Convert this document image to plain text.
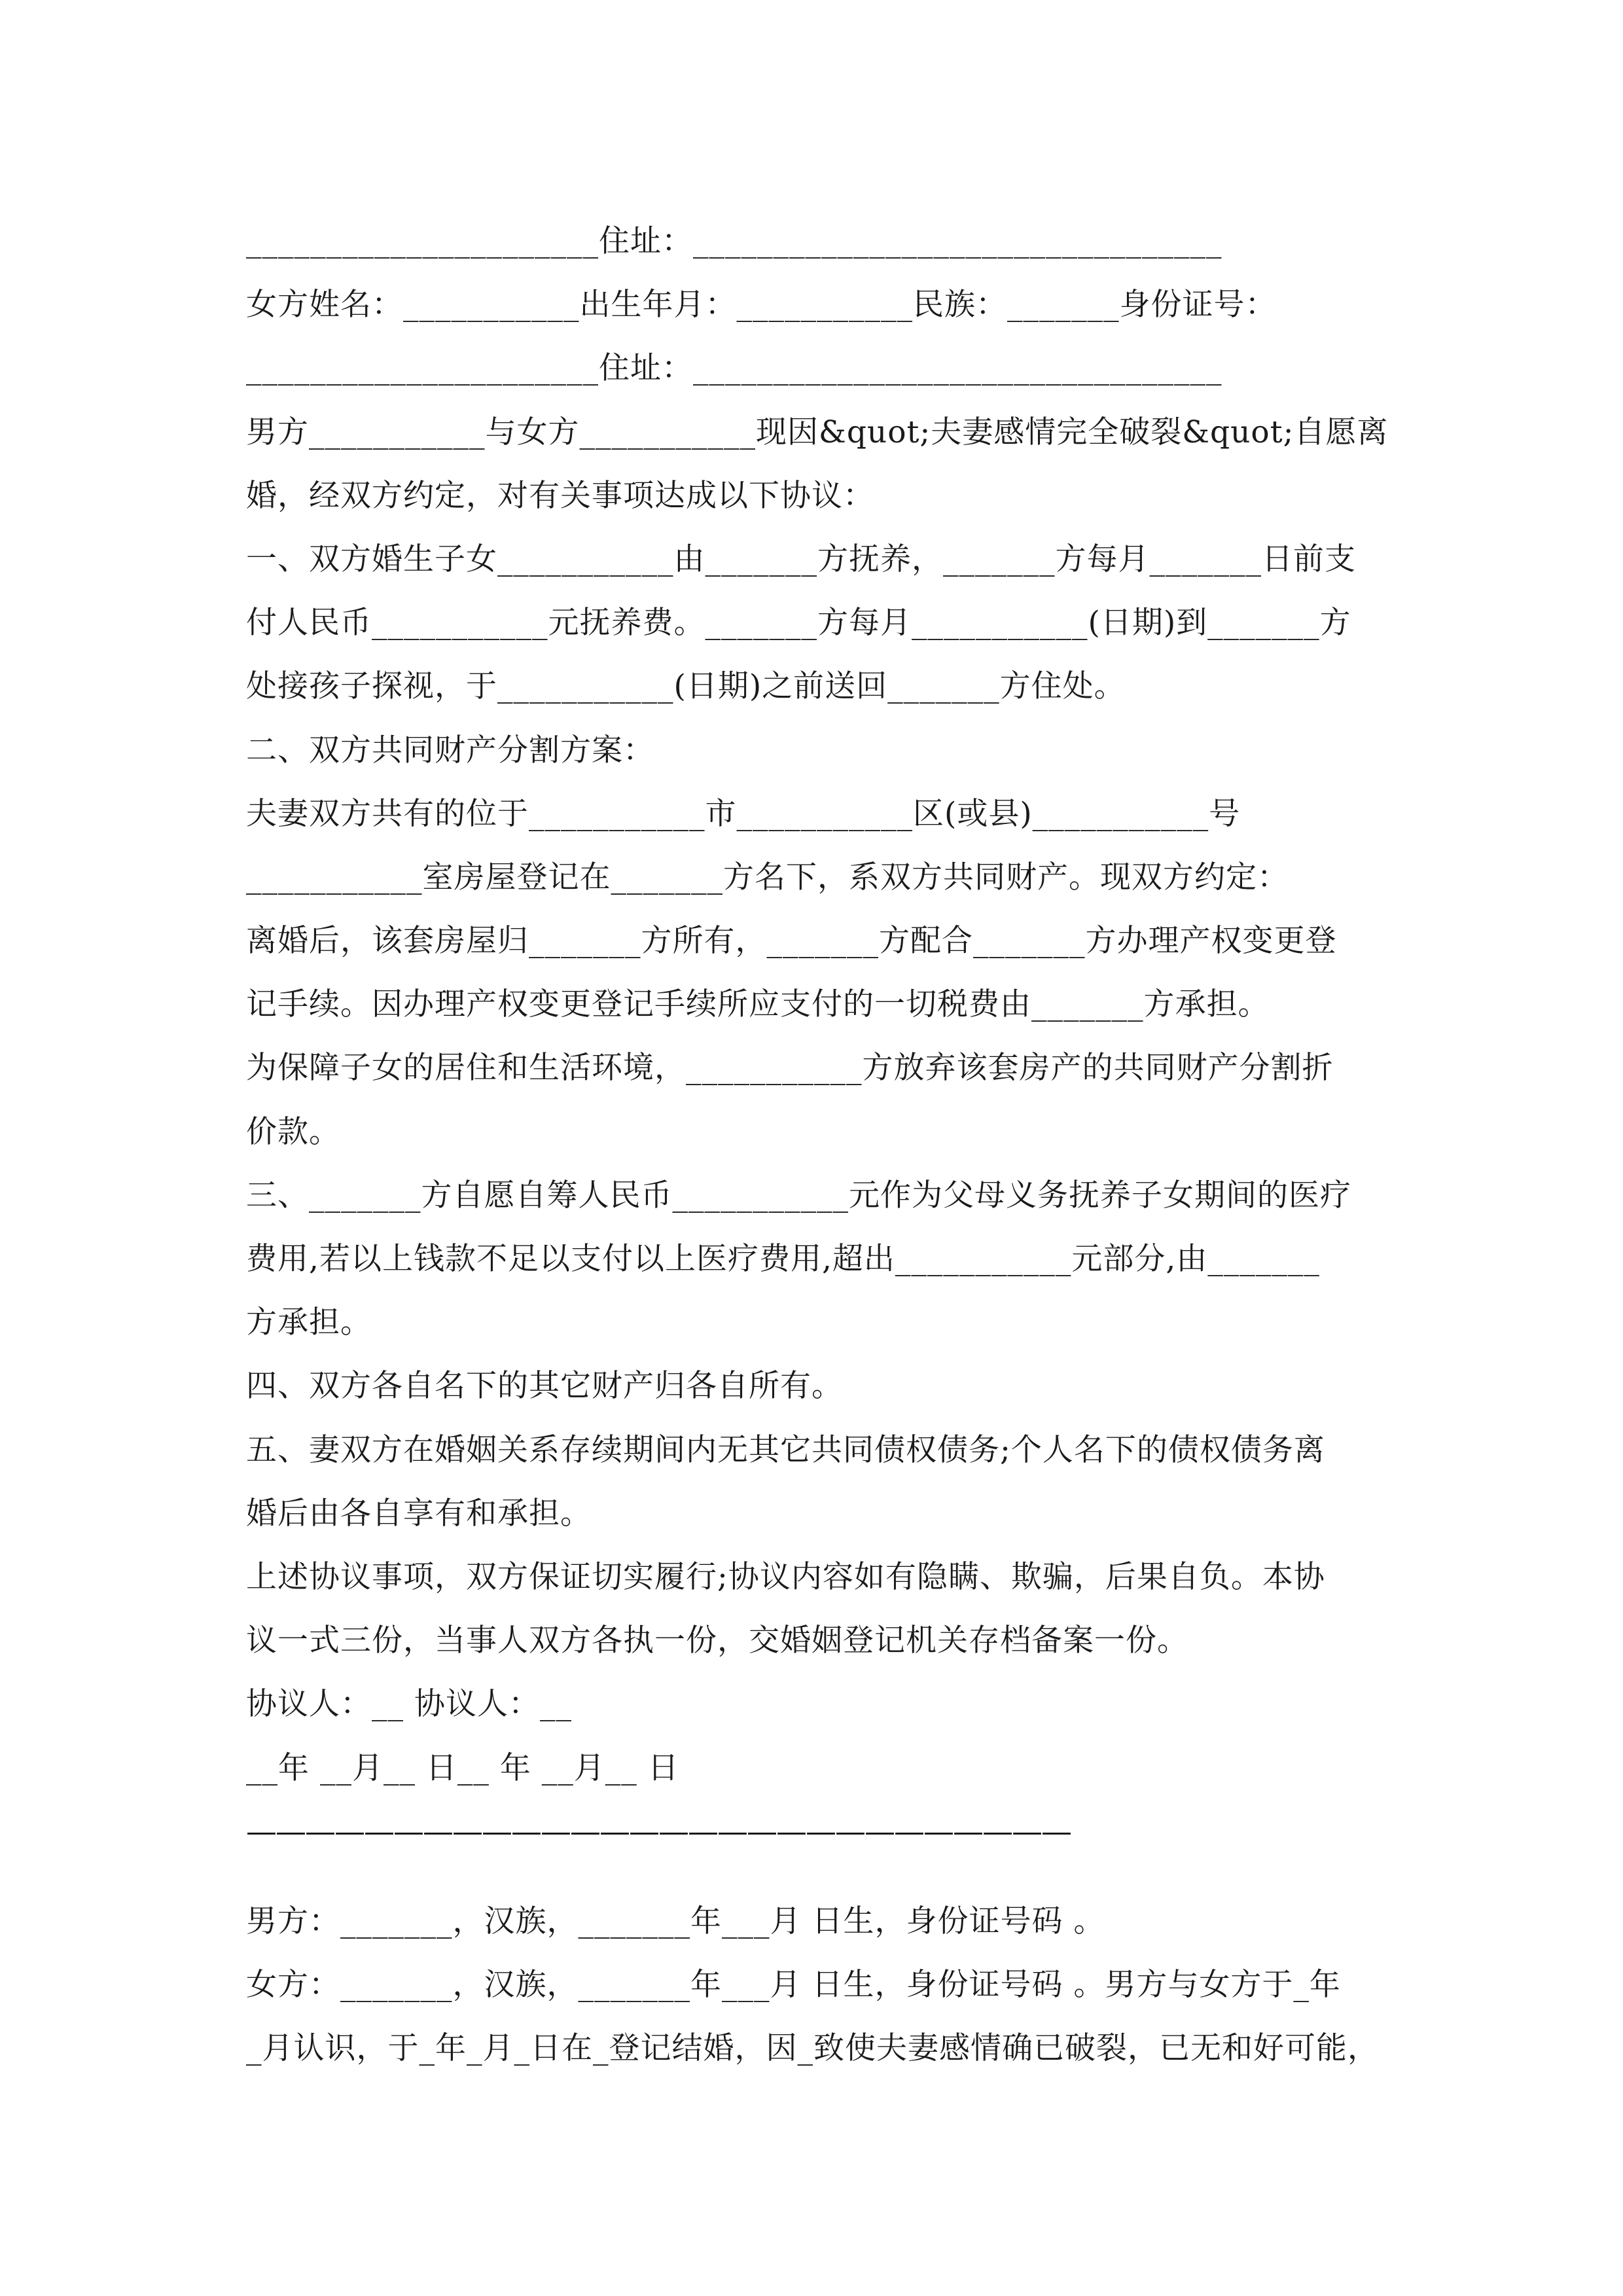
______________________住址：_________________________________
女方姓名：___________出生年月：___________民族：_______身份证号：
______________________住址：_________________________________
男方___________与女方___________现因&quot;夫妻感情完全破裂&quot;自愿离
婚，经双方约定，对有关事项达成以下协议：
一、双方婚生子女___________由_______方抚养，_______方每月_______日前支
付人民币___________元抚养费。_______方每月___________(日期)到_______方
处接孩子探视，于___________(日期)之前送回_______方住处。
二、双方共同财产分割方案：
夫妻双方共有的位于___________市___________区(或县)___________号
___________室房屋登记在_______方名下，系双方共同财产。现双方约定：
离婚后，该套房屋归_______方所有，_______方配合_______方办理产权变更登
记手续。因办理产权变更登记手续所应支付的一切税费由_______方承担。
为保障子女的居住和生活环境，___________方放弃该套房产的共同财产分割折
价款。
三、_______方自愿自筹人民币___________元作为父母义务抚养子女期间的医疗
费用,若以上钱款不足以支付以上医疗费用,超出___________元部分,由_______
方承担。
四、双方各自名下的其它财产归各自所有。
五、妻双方在婚姻关系存续期间内无其它共同债权债务;个人名下的债权债务离
婚后由各自享有和承担。
上述协议事项，双方保证切实履行;协议内容如有隐瞒、欺骗，后果自负。本协
议一式三份，当事人双方各执一份，交婚姻登记机关存档备案一份。
协议人：__ 协议人：__
__年 __月__ 日__ 年 __月__ 日
————————————————————————————
男方：_______，汉族，_______年___月 日生，身份证号码 。
女方：_______，汉族，_______年___月 日生，身份证号码 。男方与女方于_年
_月认识，于_年_月_日在_登记结婚，因_致使夫妻感情确已破裂，已无和好可能，
